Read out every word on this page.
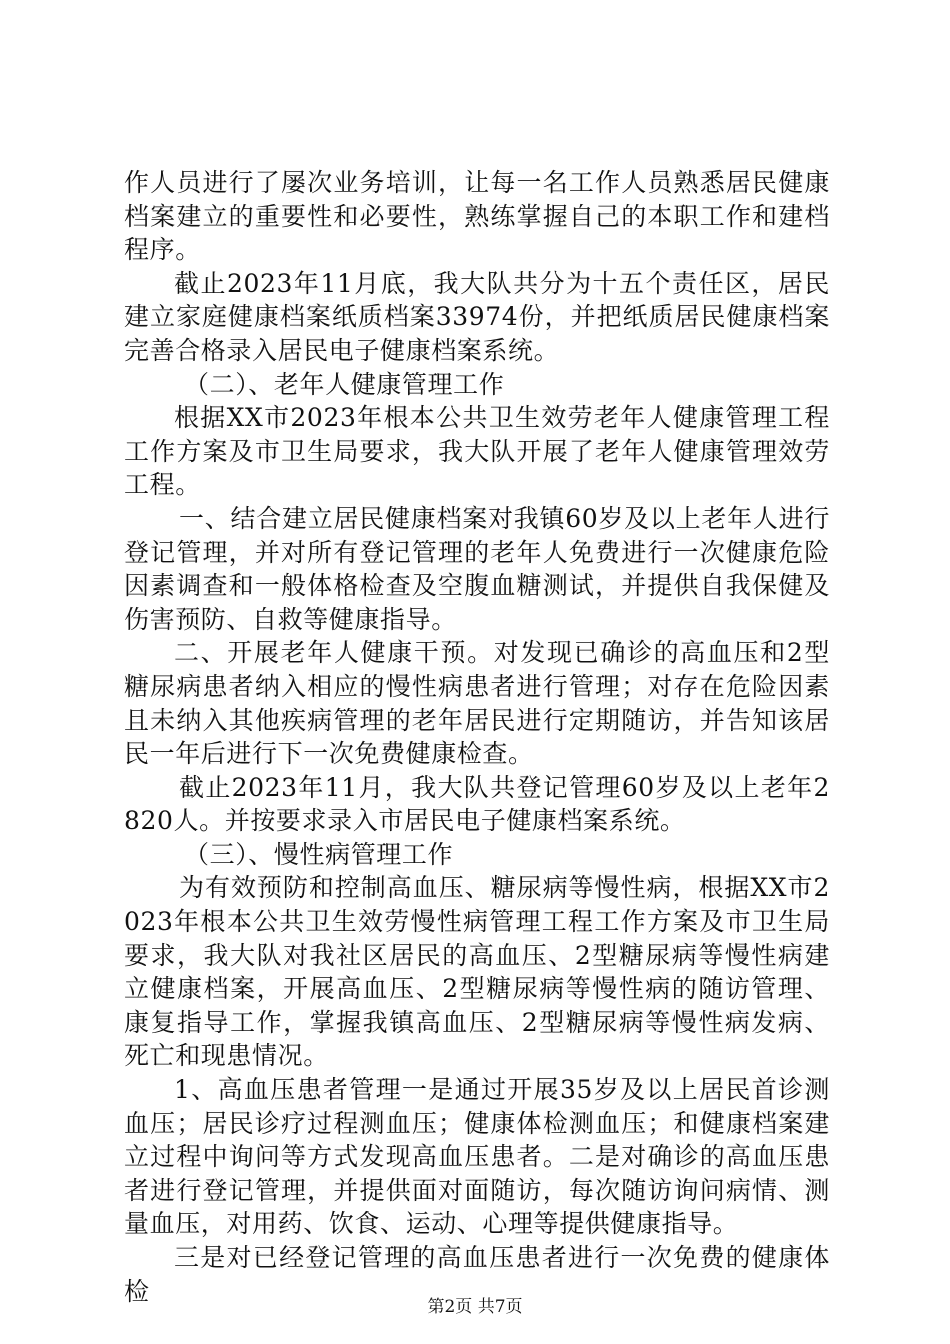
作人员进行了屡次业务培训，让每一名工作人员熟悉居民健康档案建立的重要性和必要性，熟练掌握自己的本职工作和建档程序。

截止2023年11月底，我大队共分为十五个责任区，居民建立家庭健康档案纸质档案33974份，并把纸质居民健康档案完善合格录入居民电子健康档案系统。

（二）、老年人健康管理工作

根据XX市2023年根本公共卫生效劳老年人健康管理工程工作方案及市卫生局要求，我大队开展了老年人健康管理效劳工程。

一、结合建立居民健康档案对我镇60岁及以上老年人进行登记管理，并对所有登记管理的老年人免费进行一次健康危险因素调查和一般体格检查及空腹血糖测试，并提供自我保健及伤害预防、自救等健康指导。

二、开展老年人健康干预。对发现已确诊的高血压和2型糖尿病患者纳入相应的慢性病患者进行管理；对存在危险因素且未纳入其他疾病管理的老年居民进行定期随访，并告知该居民一年后进行下一次免费健康检查。

截止2023年11月，我大队共登记管理60岁及以上老年2820人。并按要求录入市居民电子健康档案系统。

（三）、慢性病管理工作

为有效预防和控制高血压、糖尿病等慢性病，根据XX市2023年根本公共卫生效劳慢性病管理工程工作方案及市卫生局要求，我大队对我社区居民的高血压、2型糖尿病等慢性病建立健康档案，开展高血压、2型糖尿病等慢性病的随访管理、康复指导工作，掌握我镇高血压、2型糖尿病等慢性病发病、死亡和现患情况。

1、高血压患者管理一是通过开展35岁及以上居民首诊测血压；居民诊疗过程测血压；健康体检测血压；和健康档案建立过程中询问等方式发现高血压患者。二是对确诊的高血压患者进行登记管理，并提供面对面随访，每次随访询问病情、测量血压，对用药、饮食、运动、心理等提供健康指导。

三是对已经登记管理的高血压患者进行一次免费的健康体检

第2页 共7页
